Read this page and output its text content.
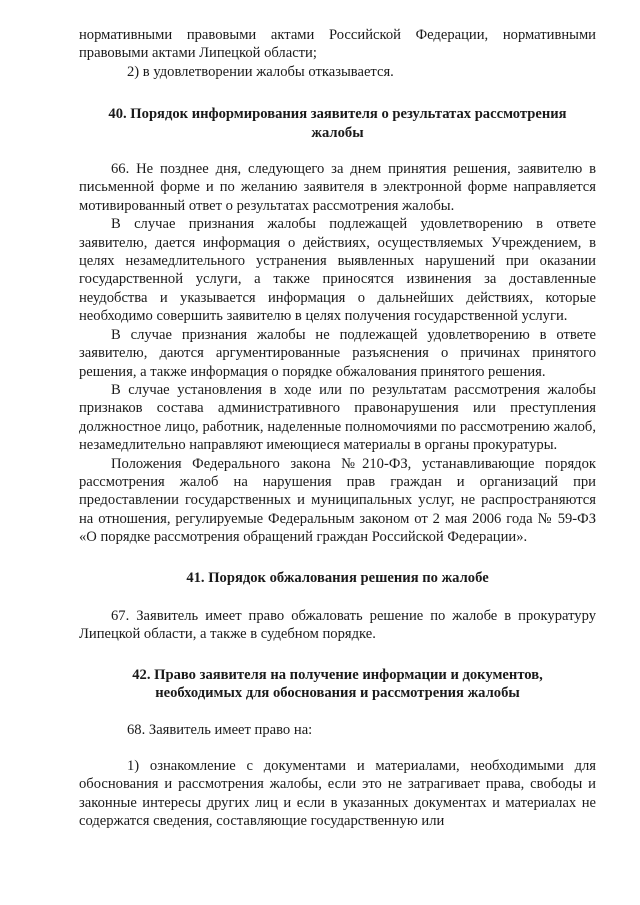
нормативными правовыми актами Российской Федерации, нормативными правовыми актами Липецкой области;

2) в удовлетворении жалобы отказывается.

40. Порядок информирования заявителя о результатах рассмотрения

жалобы

66. Не позднее дня, следующего за днем принятия решения, заявителю в письменной форме и по желанию заявителя в электронной форме направляется мотивированный ответ о результатах рассмотрения жалобы.

В случае признания жалобы подлежащей удовлетворению в ответе заявителю, дается информация о действиях, осуществляемых Учреждением, в целях незамедлительного устранения выявленных нарушений при оказании государственной услуги, а также приносятся извинения за доставленные неудобства и указывается информация о дальнейших действиях, которые необходимо совершить заявителю в целях получения государственной услуги.

В случае признания жалобы не подлежащей удовлетворению в ответе заявителю, даются аргументированные разъяснения о причинах принятого решения, а также информация о порядке обжалования принятого решения.

В случае установления в ходе или по результатам рассмотрения жалобы признаков состава административного правонарушения или преступления должностное лицо, работник, наделенные полномочиями по рассмотрению жалоб, незамедлительно направляют имеющиеся материалы в органы прокуратуры.

Положения Федерального закона №210-ФЗ, устанавливающие порядок рассмотрения жалоб на нарушения прав граждан и организаций при предоставлении государственных и муниципальных услуг, не распространяются на отношения, регулируемые Федеральным законом от 2 мая 2006 года № 59-ФЗ «О порядке рассмотрения обращений граждан Российской Федерации».

41. Порядок обжалования решения по жалобе

67. Заявитель имеет право обжаловать решение по жалобе в прокуратуру Липецкой области, а также в судебном порядке.

42. Право заявителя на получение информации и документов,

необходимых для обоснования и рассмотрения жалобы

68. Заявитель имеет право на:

1) ознакомление с документами и материалами, необходимыми для обоснования и рассмотрения жалобы, если это не затрагивает права, свободы и законные интересы других лиц и если в указанных документах и материалах не содержатся сведения, составляющие государственную или
